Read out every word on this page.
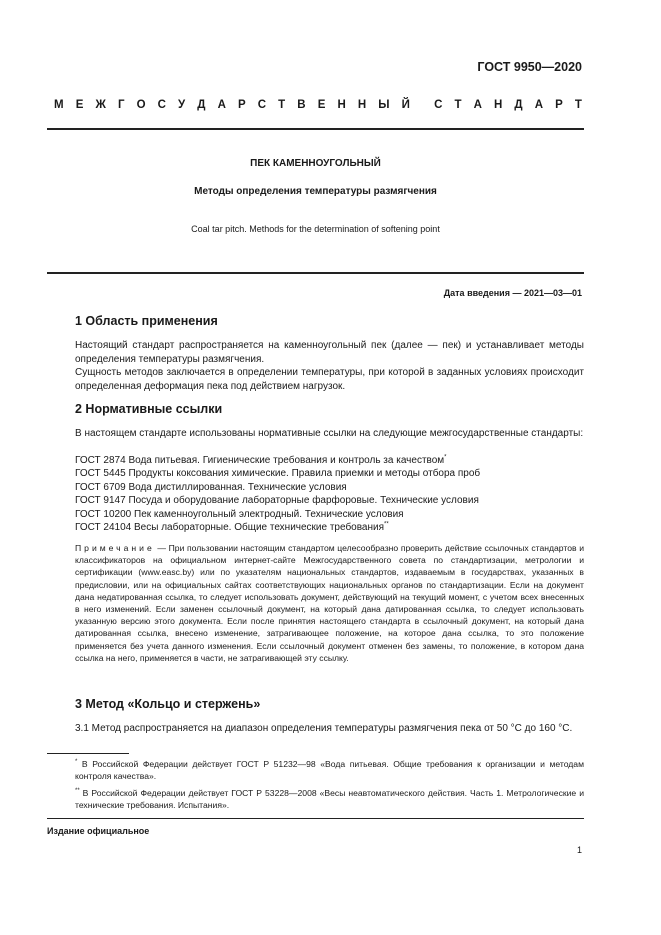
ГОСТ 9950—2020
М Е Ж Г О С У Д А Р С Т В Е Н Н Ы Й С Т А Н Д А Р Т
ПЕК КАМЕННОУГОЛЬНЫЙ
Методы определения температуры размягчения
Coal tar pitch. Methods for the determination of softening point
Дата введения — 2021—03—01
1 Область применения
Настоящий стандарт распространяется на каменноугольный пек (далее — пек) и устанавливает методы определения температуры размягчения.
Сущность методов заключается в определении температуры, при которой в заданных условиях происходит определенная деформация пека под действием нагрузок.
2 Нормативные ссылки
В настоящем стандарте использованы нормативные ссылки на следующие межгосударственные стандарты:
ГОСТ 2874 Вода питьевая. Гигиенические требования и контроль за качеством*
ГОСТ 5445 Продукты коксования химические. Правила приемки и методы отбора проб
ГОСТ 6709 Вода дистиллированная. Технические условия
ГОСТ 9147 Посуда и оборудование лабораторные фарфоровые. Технические условия
ГОСТ 10200 Пек каменноугольный электродный. Технические условия
ГОСТ 24104 Весы лабораторные. Общие технические требования**
Примечание — При пользовании настоящим стандартом целесообразно проверить действие ссылочных стандартов и классификаторов на официальном интернет-сайте Межгосударственного совета по стандартизации, метрологии и сертификации (www.easc.by) или по указателям национальных стандартов, издаваемым в государствах, указанных в предисловии, или на официальных сайтах соответствующих национальных органов по стандартизации. Если на документ дана недатированная ссылка, то следует использовать документ, действующий на текущий момент, с учетом всех внесенных в него изменений. Если заменен ссылочный документ, на который дана датированная ссылка, то следует использовать указанную версию этого документа. Если после принятия настоящего стандарта в ссылочный документ, на который дана датированная ссылка, внесено изменение, затрагивающее положение, на которое дана ссылка, то это положение применяется без учета данного изменения. Если ссылочный документ отменен без замены, то положение, в котором дана ссылка на него, применяется в части, не затрагивающей эту ссылку.
3 Метод «Кольцо и стержень»
3.1 Метод распространяется на диапазон определения температуры размягчения пека от 50 °С до 160 °С.
* В Российской Федерации действует ГОСТ Р 51232—98 «Вода питьевая. Общие требования к организации и методам контроля качества».
** В Российской Федерации действует ГОСТ Р 53228—2008 «Весы неавтоматического действия. Часть 1. Метрологические и технические требования. Испытания».
Издание официальное
1
